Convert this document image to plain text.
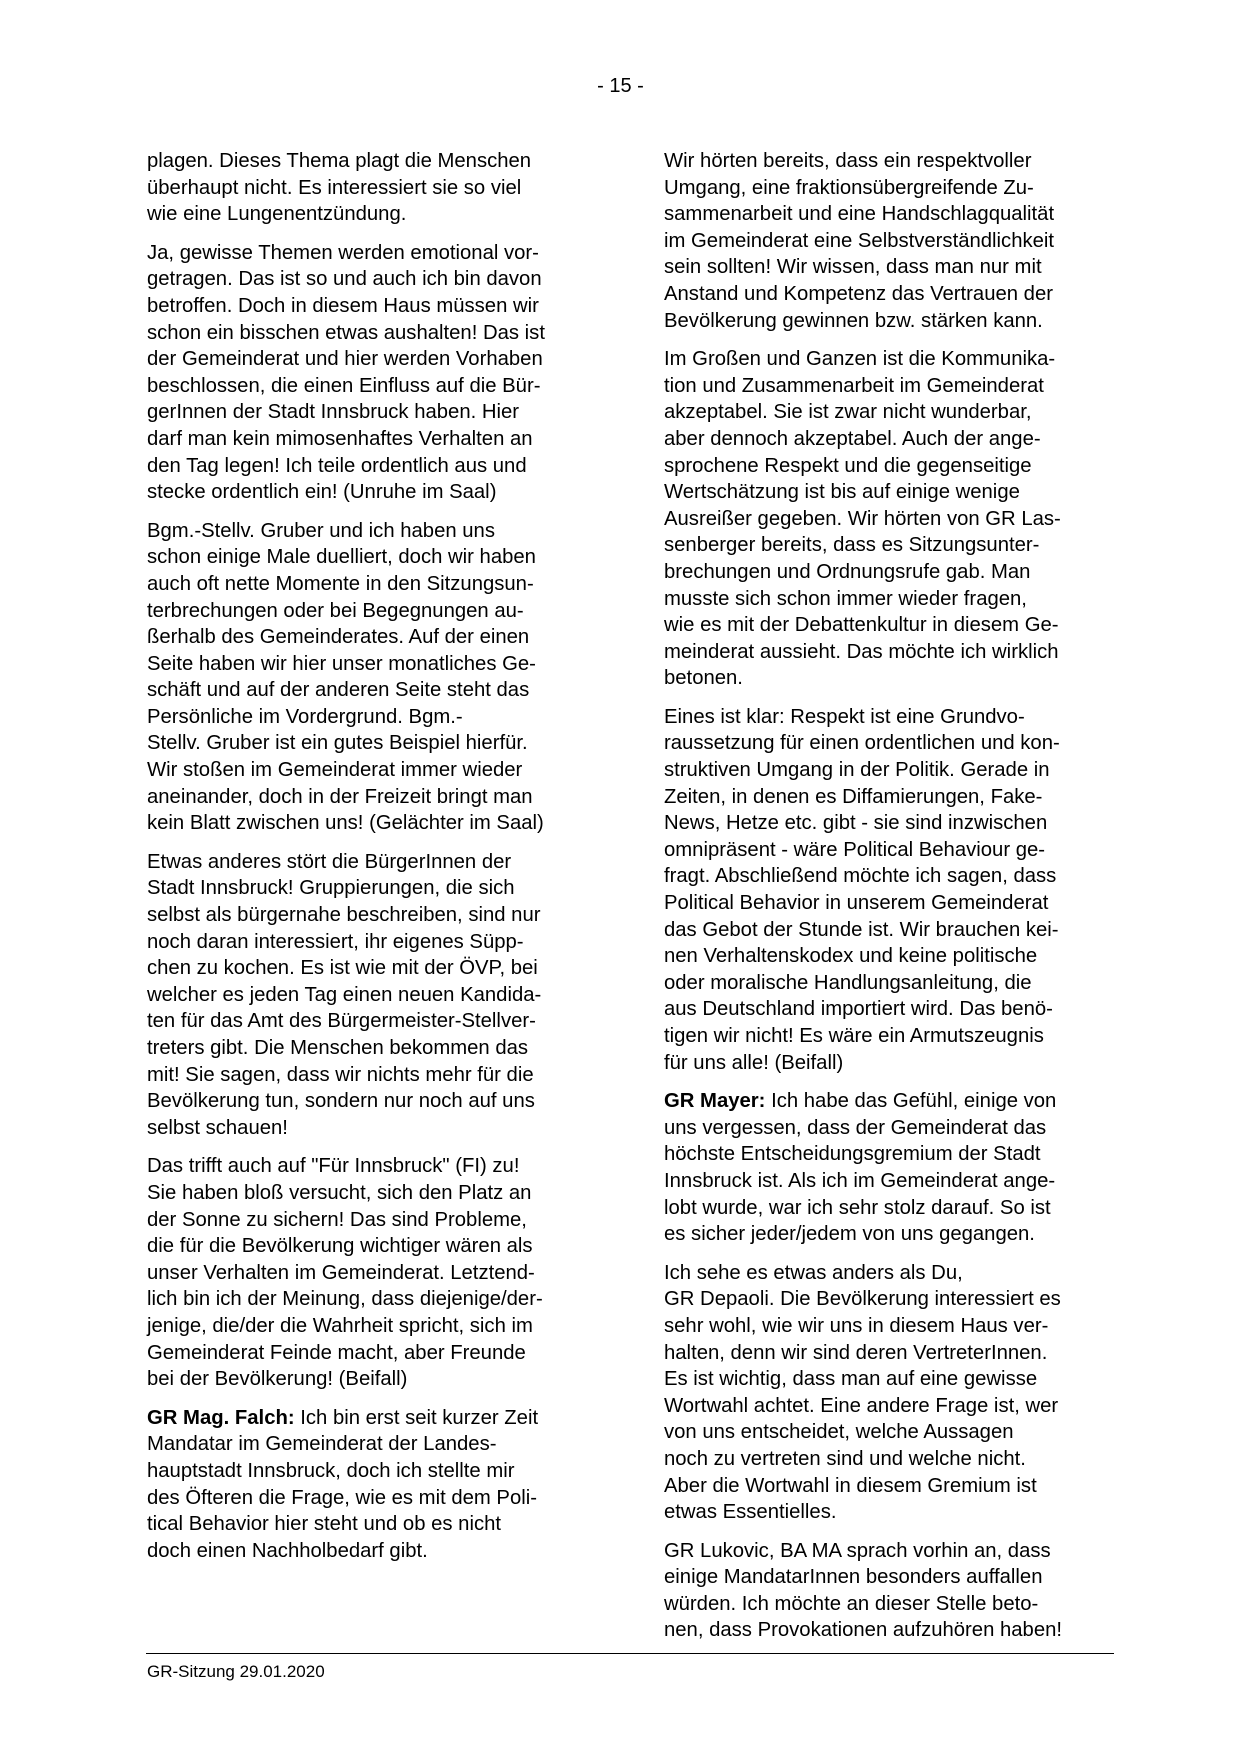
- 15 -

plagen. Dieses Thema plagt die Menschen
überhaupt nicht. Es interessiert sie so viel
wie eine Lungenentzündung.

Ja, gewisse Themen werden emotional vor-
getragen. Das ist so und auch ich bin davon
betroffen. Doch in diesem Haus müssen wir
schon ein bisschen etwas aushalten! Das ist
der Gemeinderat und hier werden Vorhaben
beschlossen, die einen Einfluss auf die Bür-
gerInnen der Stadt Innsbruck haben. Hier
darf man kein mimosenhaftes Verhalten an
den Tag legen! Ich teile ordentlich aus und
stecke ordentlich ein! (Unruhe im Saal)

Bgm.-Stellv. Gruber und ich haben uns
schon einige Male duelliert, doch wir haben
auch oft nette Momente in den Sitzungsun-
terbrechungen oder bei Begegnungen au-
ßerhalb des Gemeinderates. Auf der einen
Seite haben wir hier unser monatliches Ge-
schäft und auf der anderen Seite steht das
Persönliche im Vordergrund. Bgm.-
Stellv. Gruber ist ein gutes Beispiel hierfür.
Wir stoßen im Gemeinderat immer wieder
aneinander, doch in der Freizeit bringt man
kein Blatt zwischen uns! (Gelächter im Saal)

Etwas anderes stört die BürgerInnen der
Stadt Innsbruck! Gruppierungen, die sich
selbst als bürgernahe beschreiben, sind nur
noch daran interessiert, ihr eigenes Süpp-
chen zu kochen. Es ist wie mit der ÖVP, bei
welcher es jeden Tag einen neuen Kandida-
ten für das Amt des Bürgermeister-Stellver-
treters gibt. Die Menschen bekommen das
mit! Sie sagen, dass wir nichts mehr für die
Bevölkerung tun, sondern nur noch auf uns
selbst schauen!

Das trifft auch auf "Für Innsbruck" (FI) zu!
Sie haben bloß versucht, sich den Platz an
der Sonne zu sichern! Das sind Probleme,
die für die Bevölkerung wichtiger wären als
unser Verhalten im Gemeinderat. Letztend-
lich bin ich der Meinung, dass diejenige/der-
jenige, die/der die Wahrheit spricht, sich im
Gemeinderat Feinde macht, aber Freunde
bei der Bevölkerung! (Beifall)

GR Mag. Falch: Ich bin erst seit kurzer Zeit
Mandatar im Gemeinderat der Landes-
hauptstadt Innsbruck, doch ich stellte mir
des Öfteren die Frage, wie es mit dem Poli-
tical Behavior hier steht und ob es nicht
doch einen Nachholbedarf gibt.

Wir hörten bereits, dass ein respektvoller
Umgang, eine fraktionsübergreifende Zu-
sammenarbeit und eine Handschlagqualität
im Gemeinderat eine Selbstverständlichkeit
sein sollten! Wir wissen, dass man nur mit
Anstand und Kompetenz das Vertrauen der
Bevölkerung gewinnen bzw. stärken kann.

Im Großen und Ganzen ist die Kommunika-
tion und Zusammenarbeit im Gemeinderat
akzeptabel. Sie ist zwar nicht wunderbar,
aber dennoch akzeptabel. Auch der ange-
sprochene Respekt und die gegenseitige
Wertschätzung ist bis auf einige wenige
Ausreißer gegeben. Wir hörten von GR Las-
senberger bereits, dass es Sitzungsunter-
brechungen und Ordnungsrufe gab. Man
musste sich schon immer wieder fragen,
wie es mit der Debattenkultur in diesem Ge-
meinderat aussieht. Das möchte ich wirklich
betonen.

Eines ist klar: Respekt ist eine Grundvo-
raussetzung für einen ordentlichen und kon-
struktiven Umgang in der Politik. Gerade in
Zeiten, in denen es Diffamierungen, Fake-
News, Hetze etc. gibt - sie sind inzwischen
omnipräsent - wäre Political Behaviour ge-
fragt. Abschließend möchte ich sagen, dass
Political Behavior in unserem Gemeinderat
das Gebot der Stunde ist. Wir brauchen kei-
nen Verhaltenskodex und keine politische
oder moralische Handlungsanleitung, die
aus Deutschland importiert wird. Das benö-
tigen wir nicht! Es wäre ein Armutszeugnis
für uns alle! (Beifall)

GR Mayer: Ich habe das Gefühl, einige von
uns vergessen, dass der Gemeinderat das
höchste Entscheidungsgremium der Stadt
Innsbruck ist. Als ich im Gemeinderat ange-
lobt wurde, war ich sehr stolz darauf. So ist
es sicher jeder/jedem von uns gegangen.

Ich sehe es etwas anders als Du,
GR Depaoli. Die Bevölkerung interessiert es
sehr wohl, wie wir uns in diesem Haus ver-
halten, denn wir sind deren VertreterInnen.
Es ist wichtig, dass man auf eine gewisse
Wortwahl achtet. Eine andere Frage ist, wer
von uns entscheidet, welche Aussagen
noch zu vertreten sind und welche nicht.
Aber die Wortwahl in diesem Gremium ist
etwas Essentielles.

GR Lukovic, BA MA sprach vorhin an, dass
einige MandatarInnen besonders auffallen
würden. Ich möchte an dieser Stelle beto-
nen, dass Provokationen aufzuhören haben!

GR-Sitzung 29.01.2020
